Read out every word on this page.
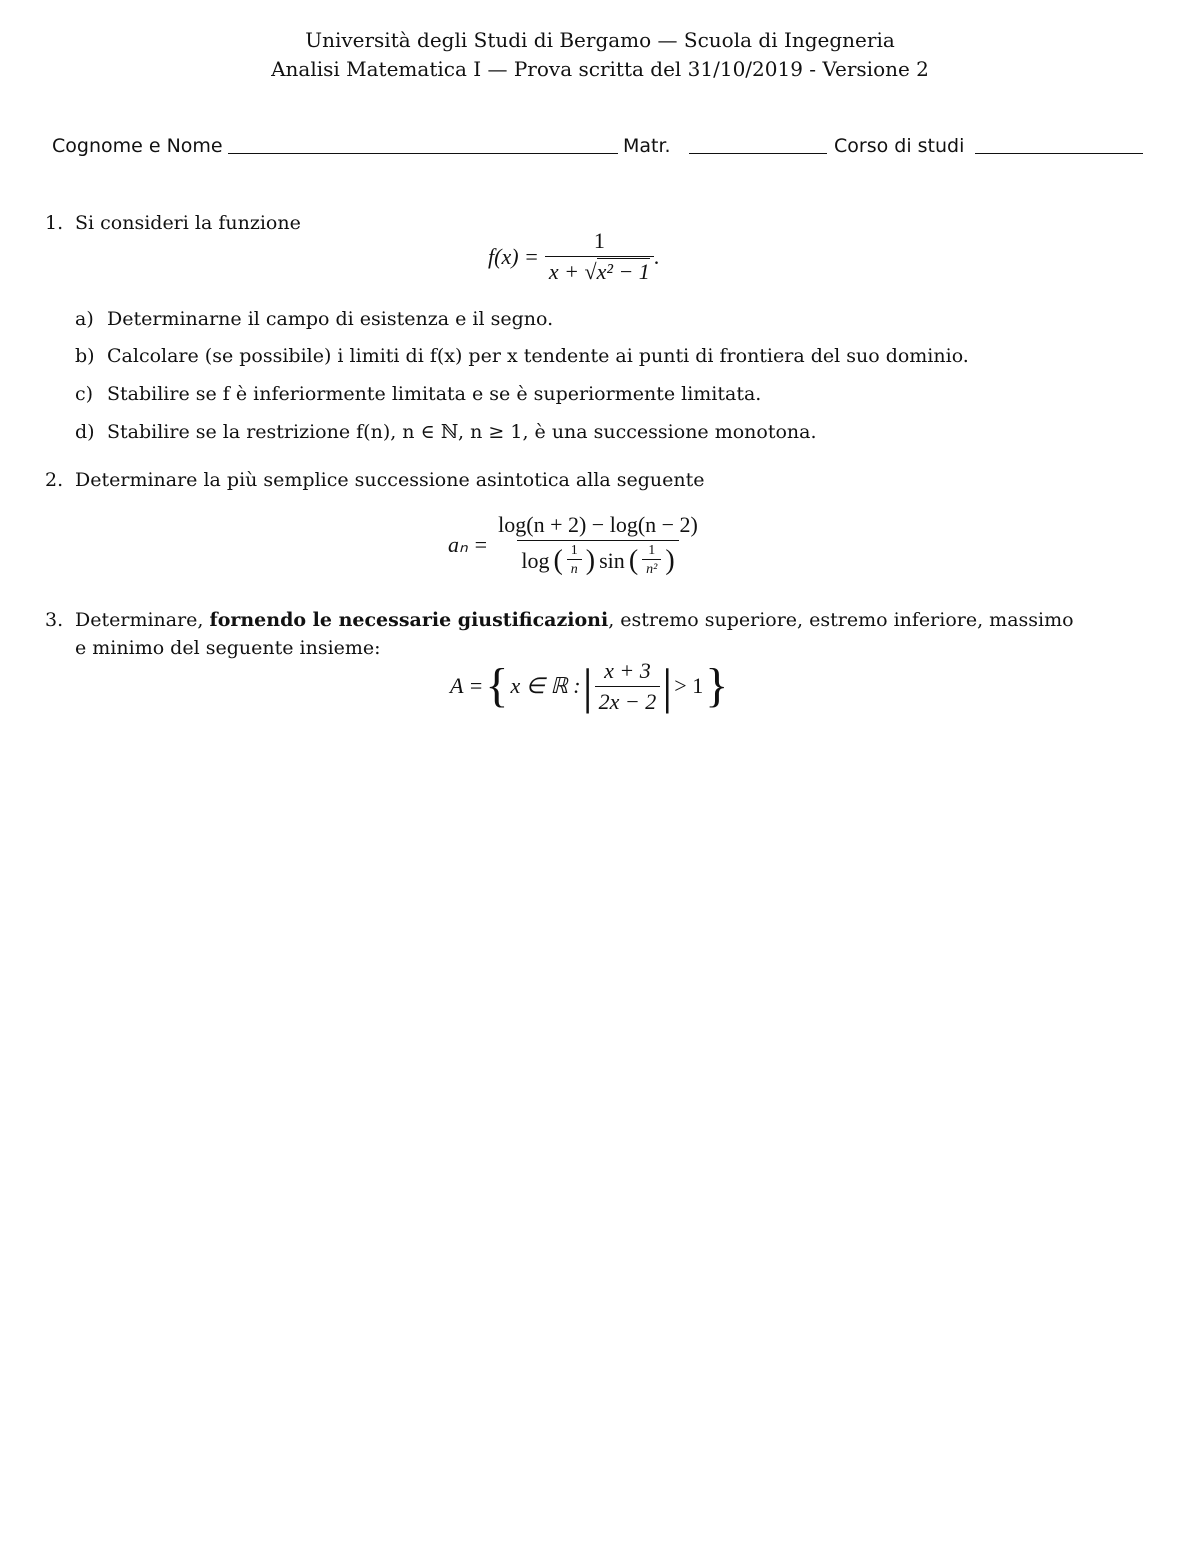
Università degli Studi di Bergamo — Scuola di Ingegneria
Analisi Matematica I — Prova scritta del 31/10/2019 - Versione 2
Cognome e Nome	Matr.	Corso di studi
1. Si consideri la funzione
$f(x) = \frac{1}{\text{x + √x² − 1}}$ .
a) Determinarne il campo di esistenza e il segno.
b) Calcolare (se possibile) i limiti di f(x) per x tendente ai punti di frontiera del suo dominio.
c) Stabilire se f è inferiormente limitata e se è superiormente limitata.
d) Stabilire se la restrizione f(n), n ∈ ℕ, n ≥ 1, è una successione monotona.
2. Determinare la più semplice successione asintotica alla seguente
aₙ =
log(n + 2) − log(n − 2)
log ( $\frac{1}{n}$ ) sin ( $\frac{1}{\text{n²}}$ )
3. Determinare, fornendo le necessarie giustificazioni, estremo superiore, estremo inferiore, massimo
e minimo del seguente insieme:
A = { x ∈ ℝ : | $\frac{x + 3}{2x - 2}$ | > 1 }
